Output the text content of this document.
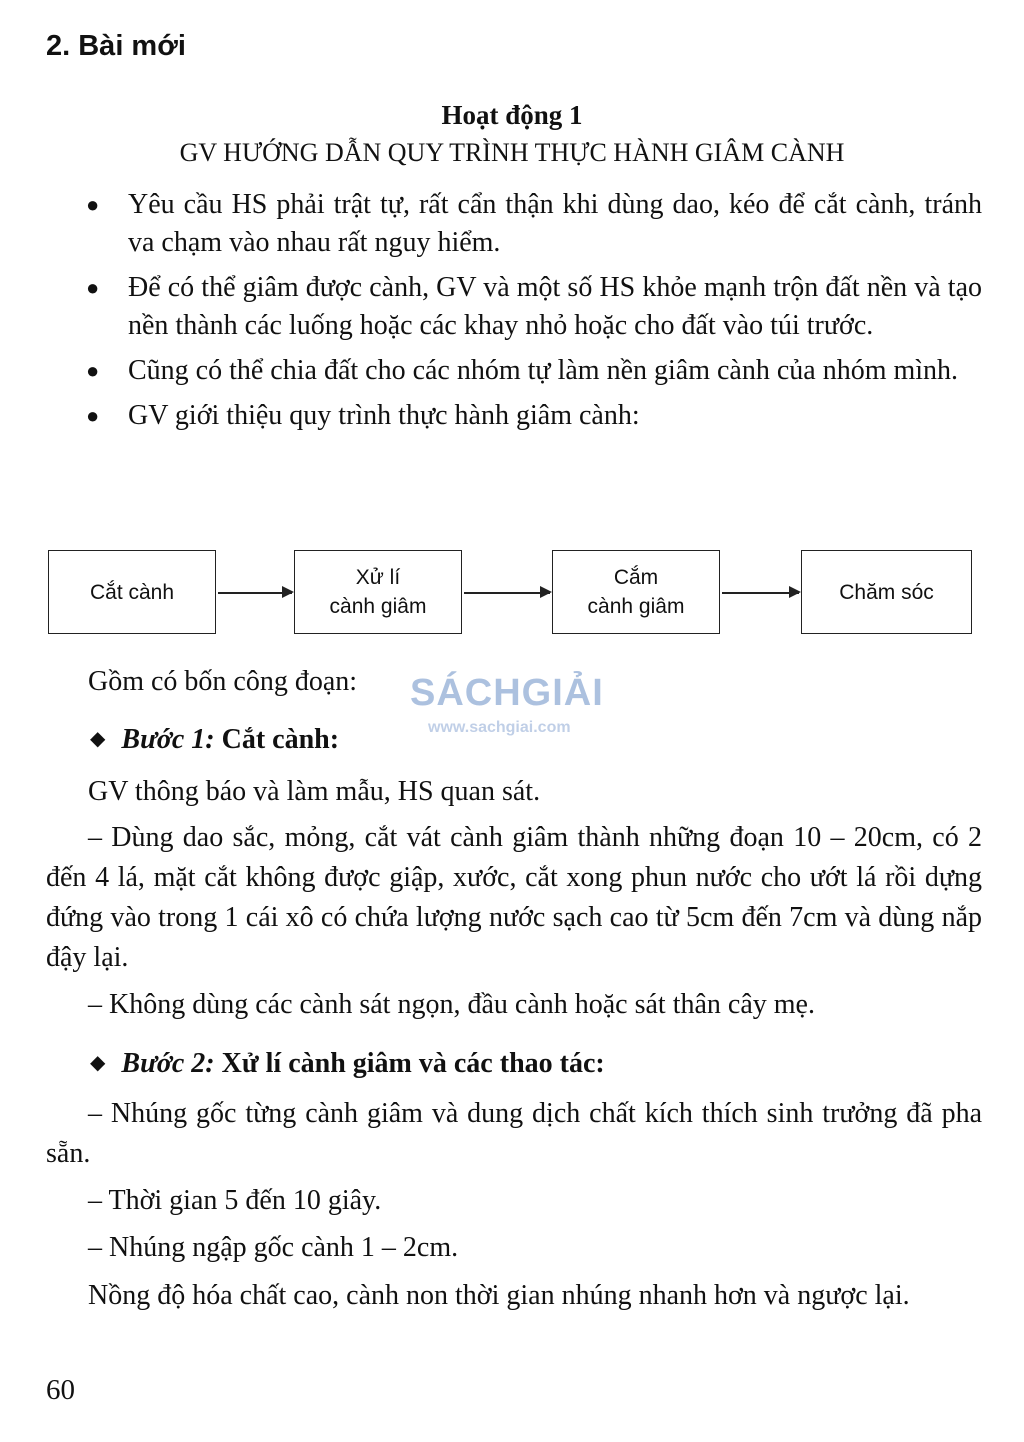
2. Bài mới
Hoạt động 1
GV HƯỚNG DẪN QUY TRÌNH THỰC HÀNH GIÂM CÀNH
● Yêu cầu HS phải trật tự, rất cẩn thận khi dùng dao, kéo để cắt cành, tránh va chạm vào nhau rất nguy hiểm.
● Để có thể giâm được cành, GV và một số HS khỏe mạnh trộn đất nền và tạo nền thành các luống hoặc các khay nhỏ hoặc cho đất vào túi trước.
● Cũng có thể chia đất cho các nhóm tự làm nền giâm cành của nhóm mình.
● GV giới thiệu quy trình thực hành giâm cành:
Cắt cành
Xử lí
cành giâm
Cắm
cành giâm
Chăm sóc
Gồm có bốn công đoạn: SÁCHGIẢI
www.sachgiai.com
◆ Bước 1: Cắt cành:
GV thông báo và làm mẫu, HS quan sát.
– Dùng dao sắc, mỏng, cắt vát cành giâm thành những đoạn 10 – 20cm, có 2 đến 4 lá, mặt cắt không được giập, xước, cắt xong phun nước cho ướt lá rồi dựng đứng vào trong 1 cái xô có chứa lượng nước sạch cao từ 5cm đến 7cm và dùng nắp đậy lại.
– Không dùng các cành sát ngọn, đầu cành hoặc sát thân cây mẹ.
◆ Bước 2: Xử lí cành giâm và các thao tác:
– Nhúng gốc từng cành giâm và dung dịch chất kích thích sinh trưởng đã pha sẵn.
– Thời gian 5 đến 10 giây.
– Nhúng ngập gốc cành 1 – 2cm.
Nồng độ hóa chất cao, cành non thời gian nhúng nhanh hơn và ngược lại.
60
